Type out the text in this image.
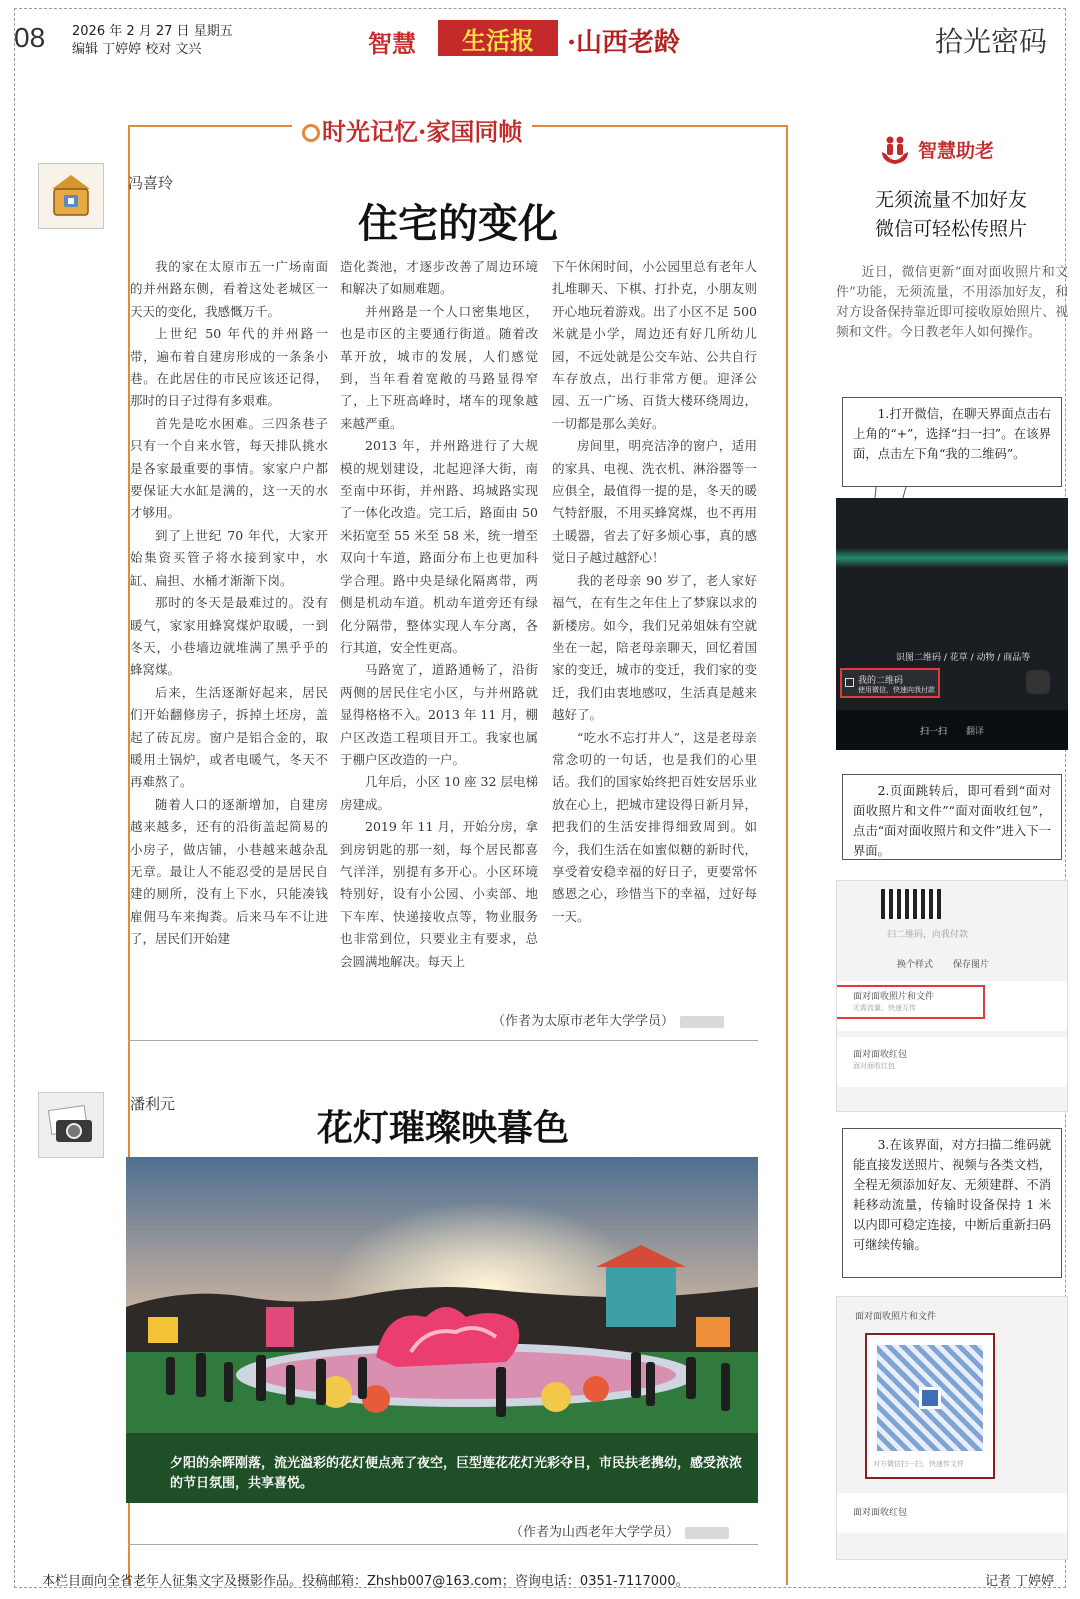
08 2026 年 2 月 27 日 星期五
编辑 丁婷婷 校对 文兴	智慧 生活报 ·山西老龄	拾光密码
时光记忆·家国同帧
冯喜玲
住宅的变化

我的家在太原市五一广场南面的并州路东侧，看着这处老城区一天天的变化，我感慨万千。

上世纪 50 年代的并州路一带，遍布着自建房形成的一条条小巷。在此居住的市民应该还记得，那时的日子过得有多艰难。

首先是吃水困难。三四条巷子只有一个自来水管，每天排队挑水是各家最重要的事情。家家户户都要保证大水缸是满的，这一天的水才够用。

到了上世纪 70 年代，大家开始集资买管子将水接到家中，水缸、扁担、水桶才渐渐下岗。

那时的冬天是最难过的。没有暖气，家家用蜂窝煤炉取暖，一到冬天，小巷墙边就堆满了黑乎乎的蜂窝煤。

后来，生活逐渐好起来，居民们开始翻修房子，拆掉土坯房，盖起了砖瓦房。窗户是铝合金的，取暖用土锅炉，或者电暖气，冬天不再难熬了。

随着人口的逐渐增加，自建房越来越多，还有的沿街盖起简易的小房子，做店铺，小巷越来越杂乱无章。最让人不能忍受的是居民自建的厕所，没有上下水，只能凑钱雇佣马车来掏粪。后来马车不让进了，居民们开始建

造化粪池，才逐步改善了周边环境和解决了如厕难题。

并州路是一个人口密集地区，也是市区的主要通行街道。随着改革开放，城市的发展，人们感觉到，当年看着宽敞的马路显得窄了，上下班高峰时，堵车的现象越来越严重。

2013 年，并州路进行了大规模的规划建设，北起迎泽大街，南至南中环街，并州路、坞城路实现了一体化改造。完工后，路面由 50 米拓宽至 55 米至 58 米，统一增至双向十车道，路面分布上也更加科学合理。路中央是绿化隔离带，两侧是机动车道。机动车道旁还有绿化分隔带，整体实现人车分离，各行其道，安全性更高。

马路宽了，道路通畅了，沿街两侧的居民住宅小区，与并州路就显得格格不入。2013 年 11 月，棚户区改造工程项目开工。我家也属于棚户区改造的一户。

几年后，小区 10 座 32 层电梯房建成。

2019 年 11 月，开始分房，拿到房钥匙的那一刻，每个居民都喜气洋洋，别提有多开心。小区环境特别好，设有小公园、小卖部、地下车库、快递接收点等，物业服务也非常到位，只要业主有要求，总会圆满地解决。每天上

下午休闲时间，小公园里总有老年人扎堆聊天、下棋、打扑克，小朋友则开心地玩着游戏。出了小区不足 500 米就是小学，周边还有好几所幼儿园，不远处就是公交车站、公共自行车存放点，出行非常方便。迎泽公园、五一广场、百货大楼环绕周边，一切都是那么美好。

房间里，明亮洁净的窗户，适用的家具、电视、洗衣机、淋浴器等一应俱全，最值得一提的是，冬天的暖气特舒服，不用买蜂窝煤，也不再用土暖器，省去了好多烦心事，真的感觉日子越过越舒心！

我的老母亲 90 岁了，老人家好福气，在有生之年住上了梦寐以求的新楼房。如今，我们兄弟姐妹有空就坐在一起，陪老母亲聊天，回忆着国家的变迁，城市的变迁，我们家的变迁，我们由衷地感叹，生活真是越来越好了。

“吃水不忘打井人”，这是老母亲常念叨的一句话，也是我们的心里话。我们的国家始终把百姓安居乐业放在心上，把城市建设得日新月异，把我们的生活安排得细致周到。如今，我们生活在如蜜似糖的新时代，享受着安稳幸福的好日子，更要常怀感恩之心，珍惜当下的幸福，过好每一天。

（作者为太原市老年大学学员）
潘利元
花灯璀璨映暮色
夕阳的余晖刚落，流光溢彩的花灯便点亮了夜空，巨型莲花花灯光彩夺目，市民扶老携幼，感受浓浓的节日氛围，共享喜悦。
（作者为山西老年大学学员）
本栏目面向全省老年人征集文字及摄影作品。投稿邮箱：Zhshb007@163.com；咨询电话：0351-7117000。	记者 丁婷婷
智慧助老
无须流量不加好友
微信可轻松传照片

近日，微信更新“面对面收照片和文件”功能，无须流量，不用添加好友，和对方设备保持靠近即可接收原始照片、视频和文件。今日教老年人如何操作。

1.打开微信，在聊天界面点击右上角的“+”，选择“扫一扫”。在该界面，点击左下角“我的二维码”。

2.页面跳转后，即可看到“面对面收照片和文件”“面对面收红包”，点击“面对面收照片和文件”进入下一界面。

3.在该界面，对方扫描二维码就能直接发送照片、视频与各类文档，全程无须添加好友、无须建群、不消耗移动流量，传输时设备保持 1 米以内即可稳定连接，中断后重新扫码可继续传输。

识图二维码 / 花草 / 动物 / 商品等
我的二维码
使用微信，快速向我付款
扫一扫 翻译
扫二维码，向我付款
换个样式 保存图片
面对面收照片和文件
无需流量，快速互传
面对面收红包
面对面收红包
面对面收照片和文件
对方微信扫一扫，快速传文件
面对面收红包
